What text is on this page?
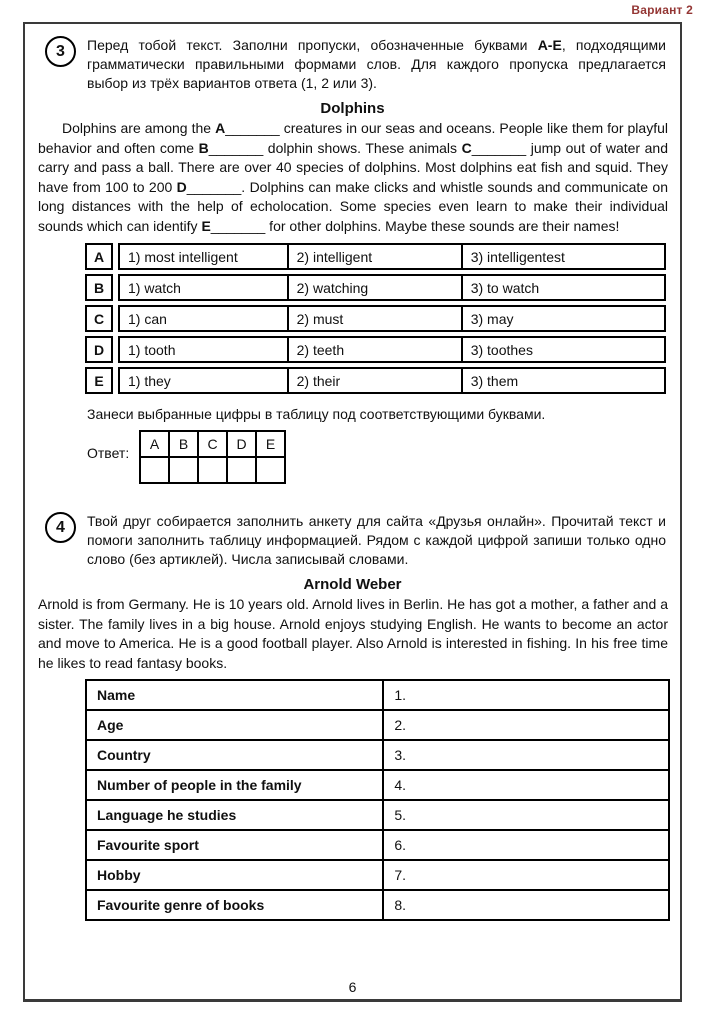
Вариант 2
3 Перед тобой текст. Заполни пропуски, обозначенные буквами А-Е, подходящими грамматически правильными формами слов. Для каждого пропуска предлагается выбор из трёх вариантов ответа (1, 2 или 3).

Dolphins

Dolphins are among the A_______ creatures in our seas and oceans. People like them for playful behavior and often come B_______ dolphin shows. These animals C_______ jump out of water and carry and pass a ball. There are over 40 species of dolphins. Most dolphins eat fish and squid. They have from 100 to 200 D_______. Dolphins can make clicks and whistle sounds and communicate on long distances with the help of echolocation. Some species even learn to make their individual sounds which can identify E_______ for other dolphins. Maybe these sounds are their names!

A	1) most intelligent	2) intelligent	3) intelligentest
B	1) watch	2) watching	3) to watch
C	1) can	2) must	3) may
D	1) tooth	2) teeth	3) toothes
E	1) they	2) their	3) them

Занеси выбранные цифры в таблицу под соответствующими буквами.

Ответ:
A	B	C	D	E

4 Твой друг собирается заполнить анкету для сайта «Друзья онлайн». Прочитай текст и помоги заполнить таблицу информацией. Рядом с каждой цифрой запиши только одно слово (без артиклей). Числа записывай словами.

Arnold Weber

Arnold is from Germany. He is 10 years old. Arnold lives in Berlin. He has got a mother, a father and a sister. The family lives in a big house. Arnold enjoys studying English. He wants to become an actor and move to America. He is a good football player. Also Arnold is interested in fishing. In his free time he likes to read fantasy books.

Name	1.
Age	2.
Country	3.
Number of people in the family	4.
Language he studies	5.
Favourite sport	6.
Hobby	7.
Favourite genre of books	8.
6
